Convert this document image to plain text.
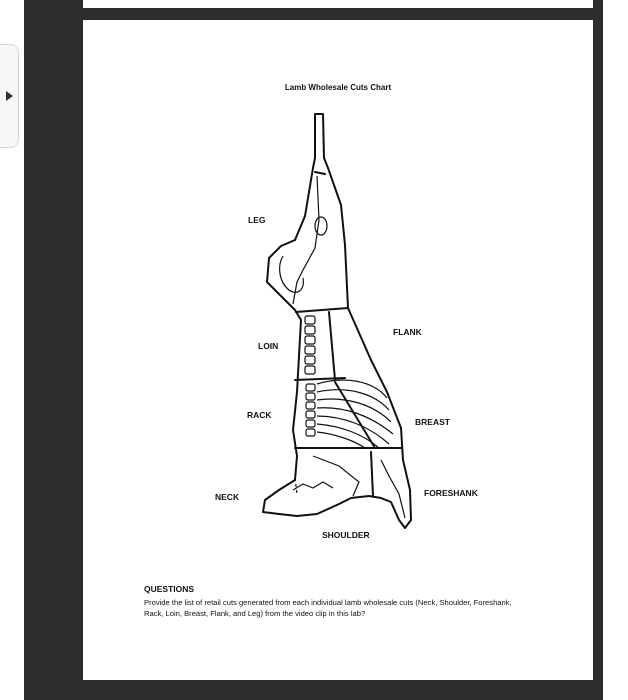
Lamb Wholesale Cuts Chart
LEG
LOIN
RACK
NECK
FLANK
BREAST
FORESHANK
SHOULDER
QUESTIONS
Provide the list of retail cuts generated from each individual lamb wholesale cuts (Neck, Shoulder, Foreshank, Rack, Loin, Breast, Flank, and Leg) from the video clip in this lab?
